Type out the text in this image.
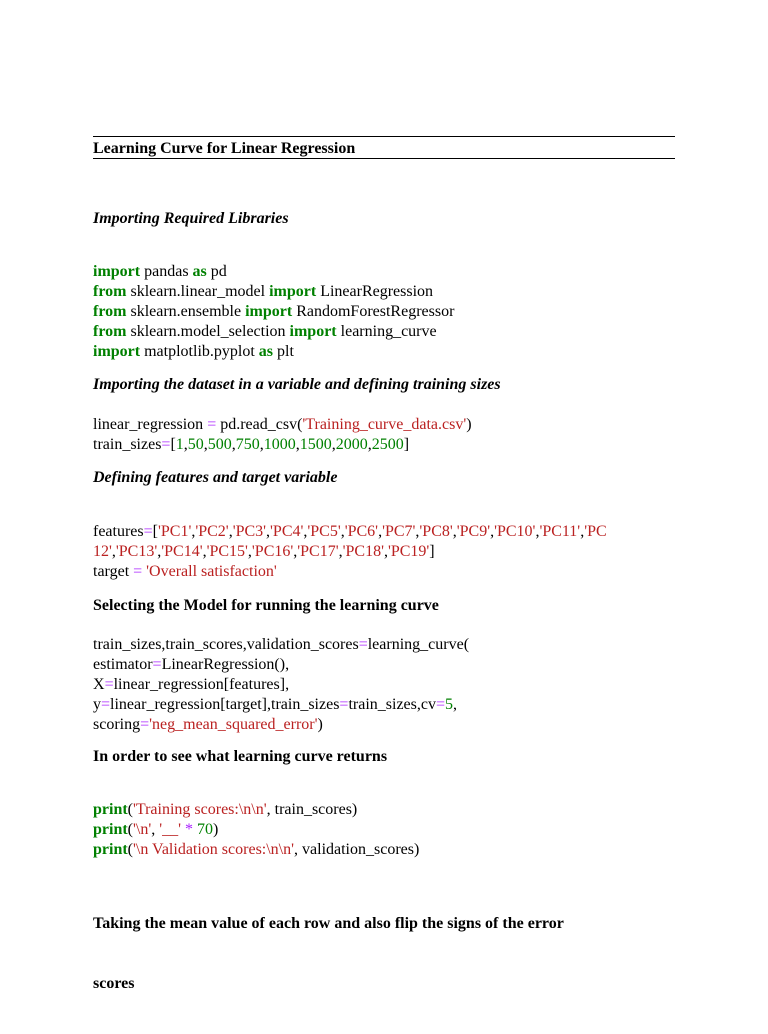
Learning Curve for Linear Regression
Importing Required Libraries
import pandas as pd
from sklearn.linear_model import LinearRegression
from sklearn.ensemble import RandomForestRegressor
from sklearn.model_selection import learning_curve
import matplotlib.pyplot as plt
Importing the dataset in a variable and defining training sizes
linear_regression = pd.read_csv('Training_curve_data.csv')
train_sizes=[1,50,500,750,1000,1500,2000,2500]
Defining features and target variable
features=['PC1','PC2','PC3','PC4','PC5','PC6','PC7','PC8','PC9','PC10','PC11','PC
12','PC13','PC14','PC15','PC16','PC17','PC18','PC19']
target = 'Overall satisfaction'
Selecting the Model for running the learning curve
train_sizes,train_scores,validation_scores=learning_curve(
estimator=LinearRegression(),
X=linear_regression[features],
y=linear_regression[target],train_sizes=train_sizes,cv=5,
scoring='neg_mean_squared_error')
In order to see what learning curve returns
print('Training scores:\n\n', train_scores)
print('\n', '__' * 70)
print('\n Validation scores:\n\n', validation_scores)

Taking the mean value of each row and also flip the signs of the error

scores
